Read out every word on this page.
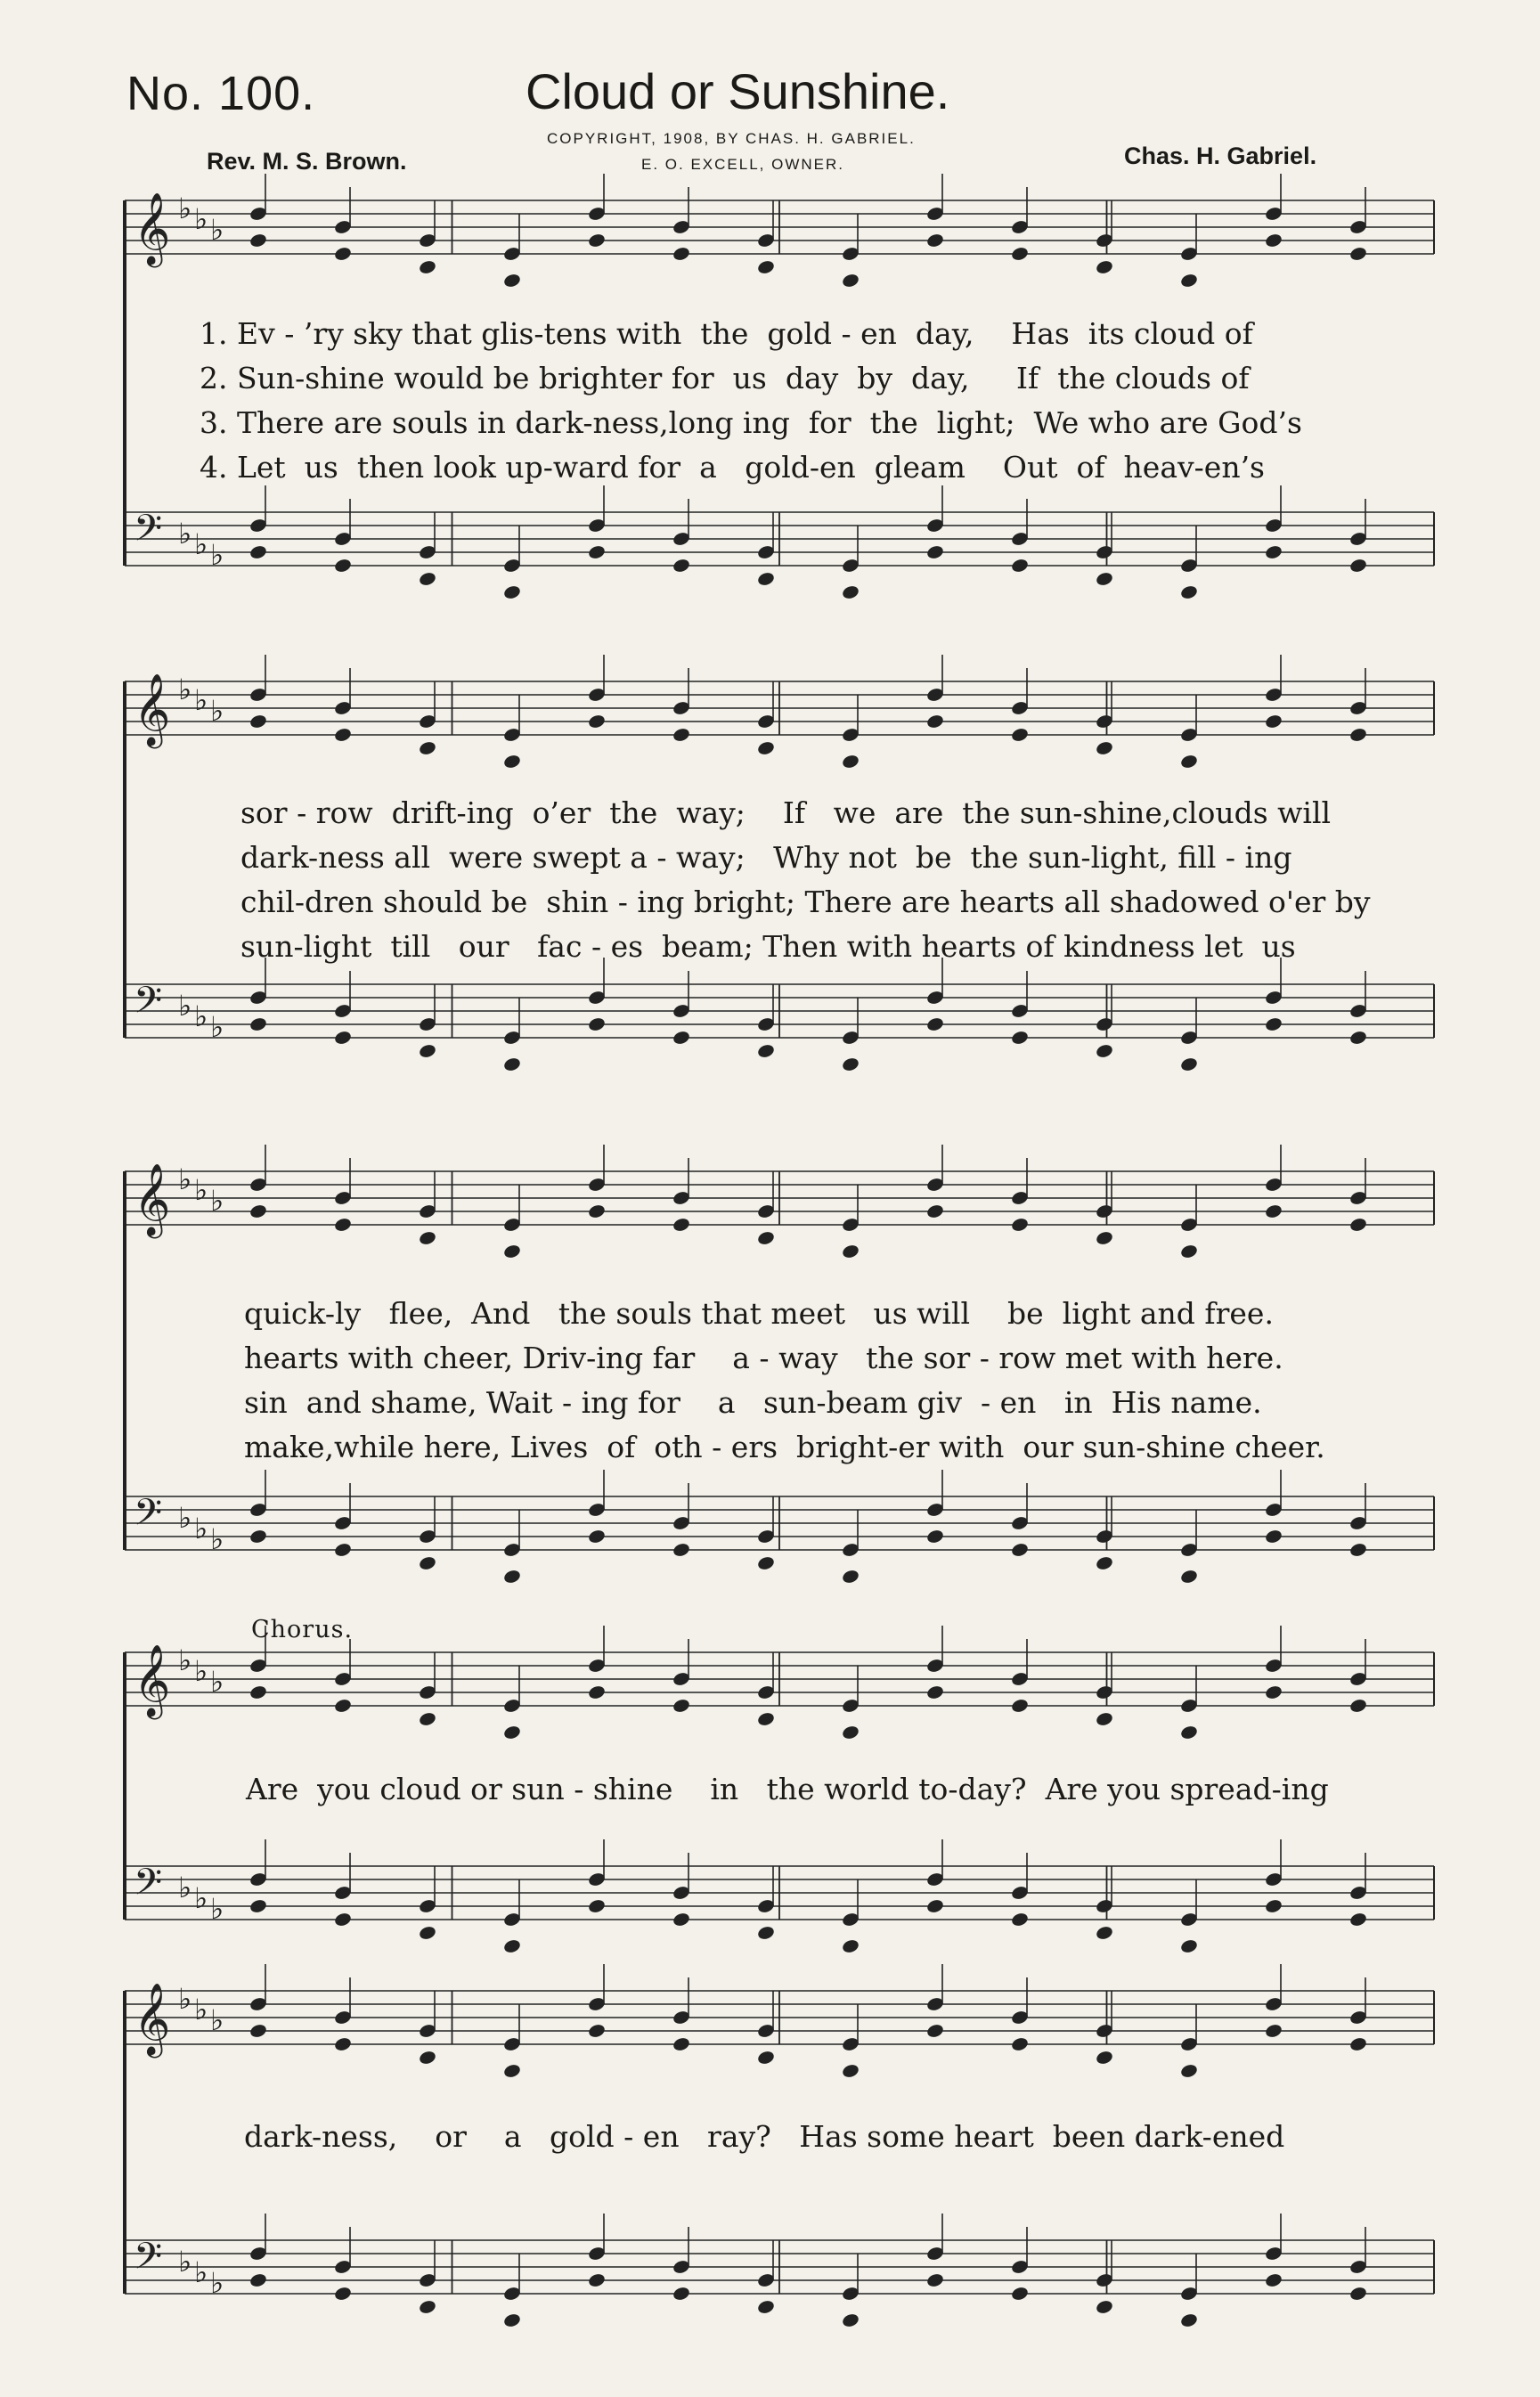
No. 100.	Cloud or Sunshine.
COPYRIGHT, 1908, BY CHAS. H. GABRIEL.
E. O. EXCELL, OWNER.
Rev. M. S. Brown.	Chas. H. Gabriel.
𝄞
𝄢
♭
♭
♭
♭
♭
♭
𝄞
𝄢
♭
♭
♭
♭
♭
♭
𝄞
𝄢
♭
♭
♭
♭
♭
♭
𝄞
𝄢
♭
♭
♭
♭
♭
♭
𝄞
𝄢
♭
♭
♭
♭
♭
♭

1. Ev - ’ry sky that glis-tens with  the  gold - en  day,    Has  its cloud of

2. Sun-shine would be brighter for  us  day  by  day,     If  the clouds of

3. There are souls in dark-ness,long ing  for  the  light;  We who are God’s

4. Let  us  then look up-ward for  a   gold-en  gleam    Out  of  heav-en’s

sor - row  drift-ing  o’er  the  way;    If   we  are  the sun-shine,clouds will

dark-ness all  were swept a - way;   Why not  be  the sun-light, fill - ing

chil-dren should be  shin - ing bright; There are hearts all shadowed o'er by

sun-light  till   our   fac - es  beam; Then with hearts of kindness let  us

quick-ly   flee,  And   the souls that meet   us will    be  light and free.

hearts with cheer, Driv-ing far    a - way   the sor - row met with here.

sin  and shame, Wait - ing for    a   sun-beam giv  - en   in  His name.

make,while here, Lives  of  oth - ers  bright-er with  our sun-shine cheer.

Chorus.

Are  you cloud or sun - shine    in   the world to-day?  Are you spread-ing

dark-ness,    or    a   gold - en   ray?   Has some heart  been dark-ened
